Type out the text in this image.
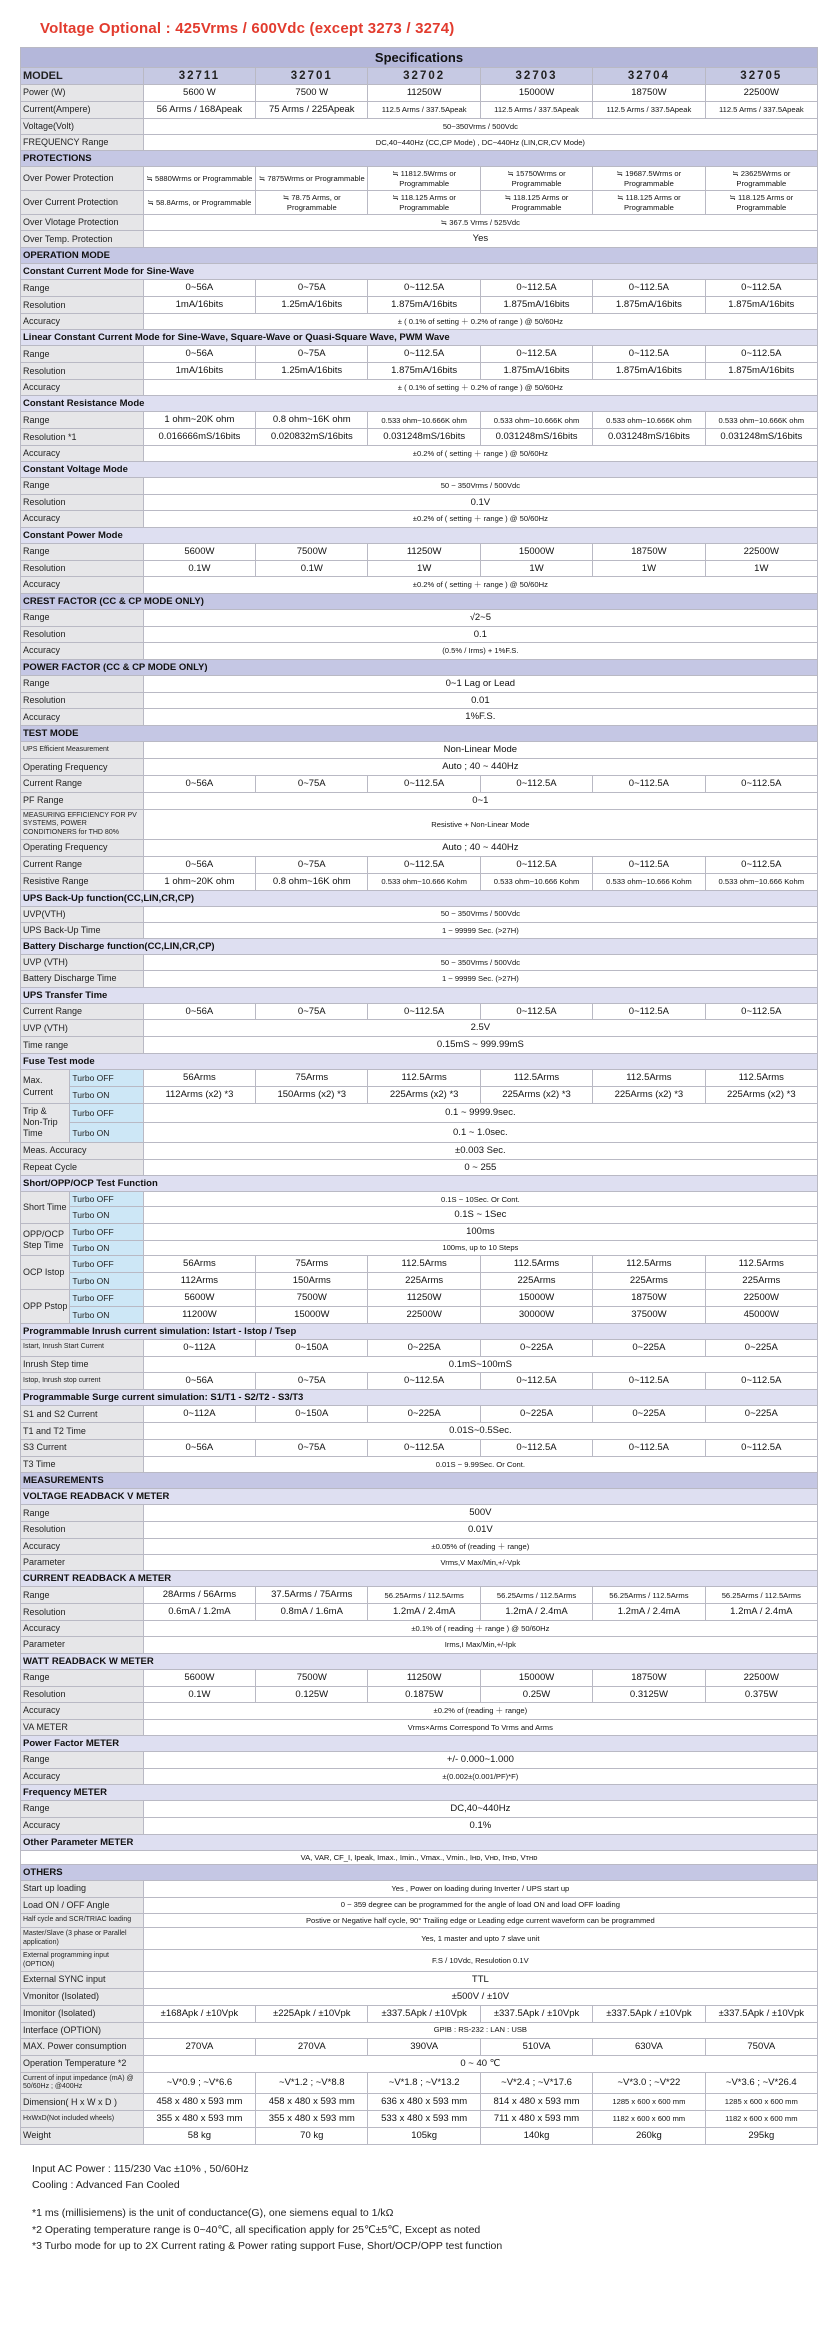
Voltage Optional : 425Vrms / 600Vdc (except 3273 / 3274)
Specifications							
MODEL		32711	32701	32702	32703	32704	32705
Power (W)		5600 W	7500 W	11250W	15000W	18750W	22500W
Current(Ampere)		56 Arms / 168Apeak	75 Arms / 225Apeak	112.5 Arms / 337.5Apeak	112.5 Arms / 337.5Apeak	112.5 Arms / 337.5Apeak	112.5 Arms / 337.5Apeak
Voltage(Volt)		50~350Vrms / 500Vdc					
FREQUENCY Range		DC,40~440Hz (CC,CP Mode) , DC~440Hz (LIN,CR,CV Mode)					
PROTECTIONS							
Over Power Protection		≒ 5880Wrms or Programmable	≒ 7875Wrms or Programmable	≒ 11812.5Wrms or Programmable	≒ 15750Wrms or Programmable	≒ 19687.5Wrms or Programmable	≒ 23625Wrms or Programmable
Over Current Protection		≒ 58.8Arms, or Programmable	≒ 78.75 Arms, or Programmable	≒ 118.125 Arms or Programmable	≒ 118.125 Arms or Programmable	≒ 118.125 Arms or Programmable	≒ 118.125 Arms or Programmable
Over Vlotage Protection		≒ 367.5 Vrms / 525Vdc					
Over Temp. Protection		Yes					
OPERATION MODE							
Constant Current Mode for Sine-Wave							
Range		0~56A	0~75A	0~112.5A	0~112.5A	0~112.5A	0~112.5A
Resolution		1mA/16bits	1.25mA/16bits	1.875mA/16bits	1.875mA/16bits	1.875mA/16bits	1.875mA/16bits
Accuracy		± ( 0.1% of setting ＋ 0.2% of range ) @ 50/60Hz					
Linear Constant Current Mode for Sine-Wave, Square-Wave or Quasi-Square Wave, PWM Wave							
Range		0~56A	0~75A	0~112.5A	0~112.5A	0~112.5A	0~112.5A
Resolution		1mA/16bits	1.25mA/16bits	1.875mA/16bits	1.875mA/16bits	1.875mA/16bits	1.875mA/16bits
Accuracy		± ( 0.1% of setting ＋ 0.2% of range ) @ 50/60Hz					
Constant Resistance Mode							
Range		1 ohm~20K ohm	0.8 ohm~16K ohm	0.533 ohm~10.666K ohm	0.533 ohm~10.666K ohm	0.533 ohm~10.666K ohm	0.533 ohm~10.666K ohm
Resolution *1		0.016666mS/16bits	0.020832mS/16bits	0.031248mS/16bits	0.031248mS/16bits	0.031248mS/16bits	0.031248mS/16bits
Accuracy		±0.2% of ( setting ＋ range ) @ 50/60Hz					
Constant Voltage Mode							
Range		50 ~ 350Vrms / 500Vdc					
Resolution		0.1V					
Accuracy		±0.2% of ( setting ＋ range ) @ 50/60Hz					
Constant Power Mode							
Range		5600W	7500W	11250W	15000W	18750W	22500W
Resolution		0.1W	0.1W	1W	1W	1W	1W
Accuracy		±0.2% of ( setting ＋ range ) @ 50/60Hz					
CREST FACTOR (CC & CP MODE ONLY)							
Range		√2~5					
Resolution		0.1					
Accuracy		(0.5% / Irms) + 1%F.S.					
POWER FACTOR (CC & CP MODE ONLY)							
Range		0~1 Lag or Lead					
Resolution		0.01					
Accuracy		1%F.S.					
TEST MODE							
UPS Efficient Measurement		Non-Linear Mode					
Operating Frequency		Auto ; 40 ~ 440Hz					
Current Range		0~56A	0~75A	0~112.5A	0~112.5A	0~112.5A	0~112.5A
PF Range		0~1					
MEASURING EFFICIENCY FOR PV SYSTEMS, POWER CONDITIONERS for THD 80%		Resistive + Non-Linear Mode					
Operating Frequency		Auto ; 40 ~ 440Hz					
Current Range		0~56A	0~75A	0~112.5A	0~112.5A	0~112.5A	0~112.5A
Resistive Range		1 ohm~20K ohm	0.8 ohm~16K ohm	0.533 ohm~10.666 Kohm	0.533 ohm~10.666 Kohm	0.533 ohm~10.666 Kohm	0.533 ohm~10.666 Kohm
UPS Back-Up function(CC,LIN,CR,CP)							
UVP(VTH)		50 ~ 350Vrms / 500Vdc					
UPS Back-Up Time		1 ~ 99999 Sec. (>27H)					
Battery Discharge function(CC,LIN,CR,CP)							
UVP (VTH)		50 ~ 350Vrms / 500Vdc					
Battery Discharge Time		1 ~ 99999 Sec. (>27H)					
UPS Transfer Time							
Current Range		0~56A	0~75A	0~112.5A	0~112.5A	0~112.5A	0~112.5A
UVP (VTH)		2.5V					
Time range		0.15mS ~ 999.99mS					
Fuse Test mode							
Max. Current	Turbo OFF	56Arms	75Arms	112.5Arms	112.5Arms	112.5Arms	112.5Arms
	Turbo ON	112Arms (x2) *3	150Arms (x2) *3	225Arms (x2) *3	225Arms (x2) *3	225Arms (x2) *3	225Arms (x2) *3
Trip & Non-Trip Time	Turbo OFF	0.1 ~ 9999.9sec.					
	Turbo ON	0.1 ~ 1.0sec.					
Meas. Accuracy		±0.003 Sec.					
Repeat Cycle		0 ~ 255					
Short/OPP/OCP Test Function							
Short Time	Turbo OFF	0.1S ~ 10Sec. Or Cont.					
	Turbo ON	0.1S ~ 1Sec					
OPP/OCP Step Time	Turbo OFF	100ms					
	Turbo ON	100ms, up to 10 Steps					
OCP Istop	Turbo OFF	56Arms	75Arms	112.5Arms	112.5Arms	112.5Arms	112.5Arms
	Turbo ON	112Arms	150Arms	225Arms	225Arms	225Arms	225Arms
OPP Pstop	Turbo OFF	5600W	7500W	11250W	15000W	18750W	22500W
	Turbo ON	11200W	15000W	22500W	30000W	37500W	45000W
Programmable Inrush current simulation: Istart - Istop / Tsep							
Istart, Inrush Start Current		0~112A	0~150A	0~225A	0~225A	0~225A	0~225A
Inrush Step time		0.1mS~100mS					
Istop, Inrush stop current		0~56A	0~75A	0~112.5A	0~112.5A	0~112.5A	0~112.5A
Programmable Surge current simulation: S1/T1 - S2/T2 - S3/T3							
S1 and S2 Current		0~112A	0~150A	0~225A	0~225A	0~225A	0~225A
T1 and T2 Time		0.01S~0.5Sec.					
S3 Current		0~56A	0~75A	0~112.5A	0~112.5A	0~112.5A	0~112.5A
T3 Time		0.01S ~ 9.99Sec. Or Cont.					
MEASUREMENTS							
VOLTAGE READBACK V METER							
Range		500V					
Resolution		0.01V					
Accuracy		±0.05% of (reading ＋ range)					
Parameter		Vrms,V Max/Min,+/-Vpk					
CURRENT READBACK A METER							
Range		28Arms / 56Arms	37.5Arms / 75Arms	56.25Arms / 112.5Arms	56.25Arms / 112.5Arms	56.25Arms / 112.5Arms	56.25Arms / 112.5Arms
Resolution		0.6mA / 1.2mA	0.8mA / 1.6mA	1.2mA / 2.4mA	1.2mA / 2.4mA	1.2mA / 2.4mA	1.2mA / 2.4mA
Accuracy		±0.1% of ( reading ＋ range ) @ 50/60Hz					
Parameter		Irms,I Max/Min,+/-Ipk					
WATT READBACK W METER							
Range		5600W	7500W	11250W	15000W	18750W	22500W
Resolution		0.1W	0.125W	0.1875W	0.25W	0.3125W	0.375W
Accuracy		±0.2% of (reading ＋ range)					
VA METER		Vrms×Arms Correspond To Vrms and Arms					
Power Factor METER							
Range		+/- 0.000~1.000					
Accuracy		±(0.002±(0.001/PF)*F)					
Frequency METER							
Range		DC,40~440Hz					
Accuracy		0.1%					
Other Parameter METER							
VA, VAR, CF_I, Ipeak, Imax., Imin., Vmax., Vmin., Iʜᴅ, Vʜᴅ, Iᴛʜᴅ, Vᴛʜᴅ							
OTHERS							
Start up loading		Yes , Power on loading during Inverter / UPS start up					
Load ON / OFF Angle		0 ~ 359 degree can be programmed for the angle of load ON and load OFF loading					
Half cycle and SCR/TRIAC loading		Postive or Negative half cycle, 90° Trailing edge or Leading edge current waveform can be programmed					
Master/Slave (3 phase or Parallel application)		Yes, 1 master and upto 7 slave unit					
External programming input (OPTION)		F.S / 10Vdc, Resulotion 0.1V					
External SYNC input		TTL					
Vmonitor (Isolated)		±500V / ±10V					
Imonitor (Isolated)		±168Apk / ±10Vpk	±225Apk / ±10Vpk	±337.5Apk / ±10Vpk	±337.5Apk / ±10Vpk	±337.5Apk / ±10Vpk	±337.5Apk / ±10Vpk
Interface (OPTION)		GPIB : RS-232 : LAN : USB					
MAX. Power consumption		270VA	270VA	390VA	510VA	630VA	750VA
Operation Temperature *2		0 ~ 40 ℃					
Current of input impedance (mA) @ 50/60Hz ; @400Hz		~V*0.9 ; ~V*6.6	~V*1.2 ; ~V*8.8	~V*1.8 ; ~V*13.2	~V*2.4 ; ~V*17.6	~V*3.0 ; ~V*22	~V*3.6 ; ~V*26.4
Dimension( H x W x D )		458 x 480 x 593 mm	458 x 480 x 593 mm	636 x 480 x 593 mm	814 x 480 x 593 mm	1285 x 600 x 600 mm	1285 x 600 x 600 mm
HxWxD(Not included wheels)		355 x 480 x 593 mm	355 x 480 x 593 mm	533 x 480 x 593 mm	711 x 480 x 593 mm	1182 x 600 x 600 mm	1182 x 600 x 600 mm
Weight		58 kg	70 kg	105kg	140kg	260kg	295kg
Input AC Power : 115/230 Vac ±10% , 50/60Hz
Cooling : Advanced Fan Cooled
*1 ms (millisiemens) is the unit of conductance(G), one siemens equal to 1/kΩ
*2 Operating temperature range is 0~40℃, all specification apply for 25℃±5℃, Except as noted
*3 Turbo mode for up to 2X Current rating & Power rating support Fuse, Short/OCP/OPP test function
